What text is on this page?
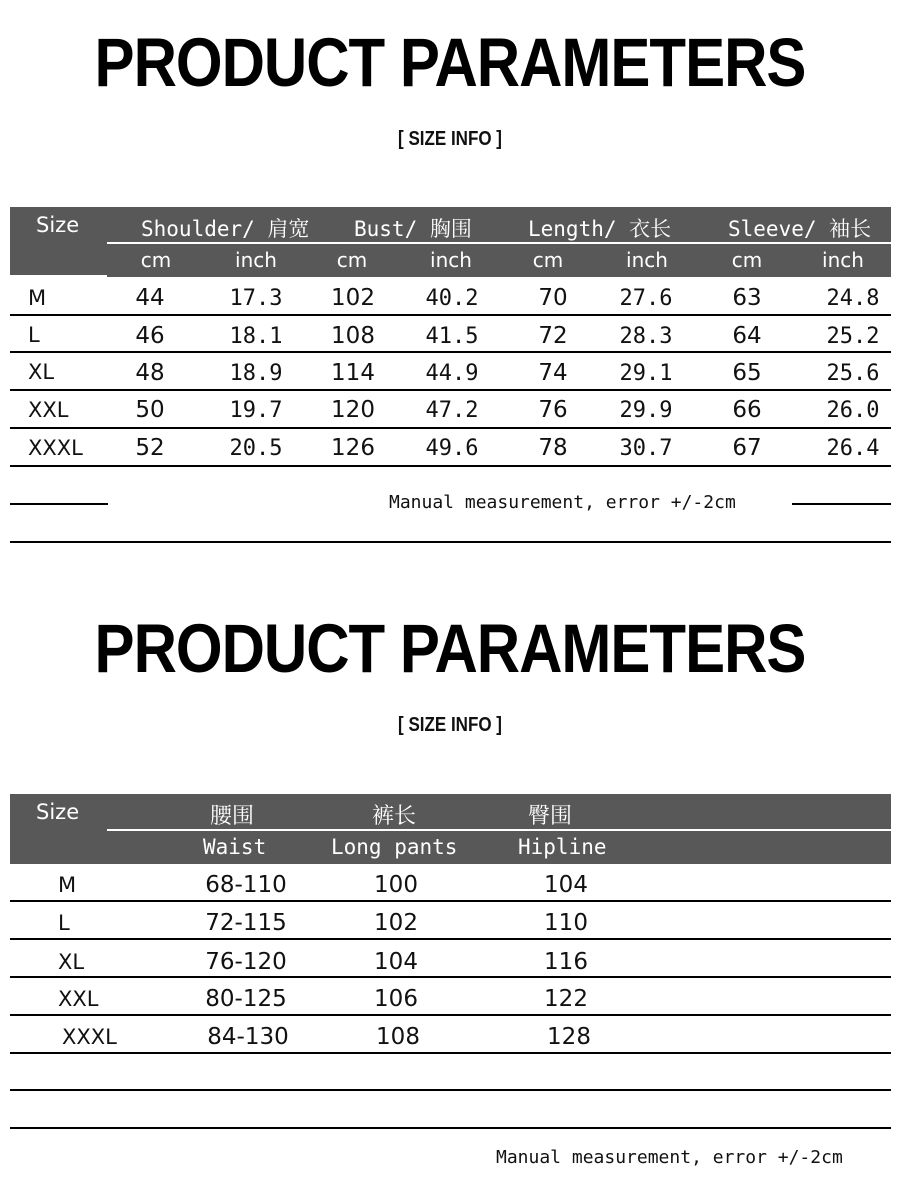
PRODUCT PARAMETERS
[ SIZE INFO ]
Size	Shoulder/ 肩宽 Bust/ 胸围	Length/ 衣长	Sleeve/ 袖长
cm	inch	cm	inch	cm	inch	cm	inch
M	44	17.3	102	40.2	70	27.6	63	24.8
L	46	18.1	108	41.5	72	28.3	64	25.2
XL	48	18.9	114	44.9	74	29.1	65	25.6
XXL	50	19.7	120	47.2	76	29.9	66	26.0
XXXL	52	20.5	126	49.6	78	30.7	67	26.4
Manual measurement, error +/-2cm
PRODUCT PARAMETERS
[ SIZE INFO ]
Size	腰围	裤长	臀围
Waist	Long pants	Hipline
M	68-110	100	104
L	72-115	102	110
XL	76-120	104	116
XXL	80-125	106	122
XXXL	84-130	108	128
Manual measurement, error +/-2cm
